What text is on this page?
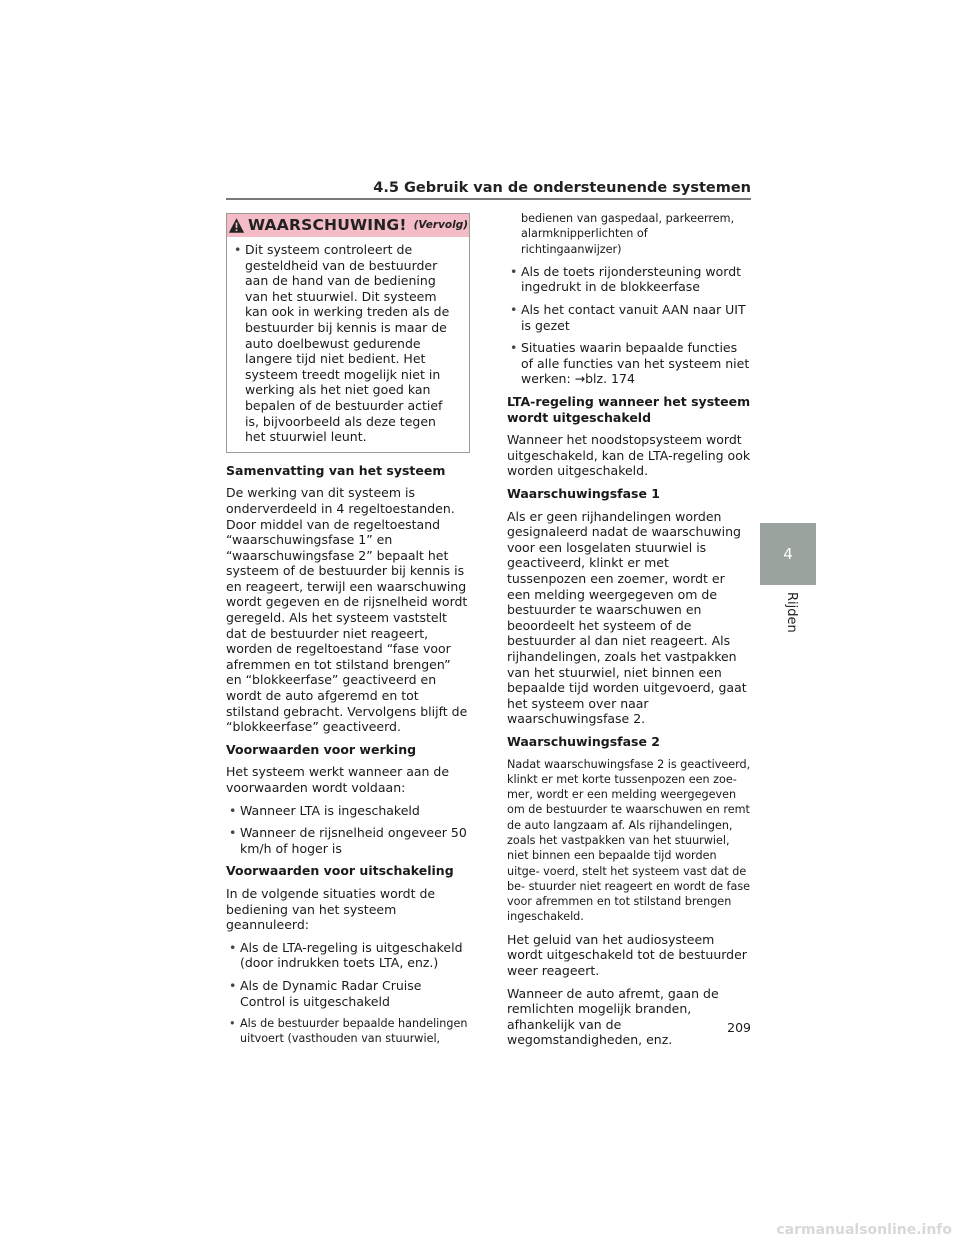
4.5 Gebruik van de ondersteunende systemen
4
Rijden
WAARSCHUWING! (Vervolg)
• Dit systeem controleert de gesteldheid van de bestuurder aan de hand van de bediening van het stuurwiel. Dit systeem kan ook in werking treden als de bestuurder bij kennis is maar de auto doelbewust gedurende langere tijd niet bedient. Het systeem treedt mogelijk niet in werking als het niet goed kan bepalen of de bestuurder actief is, bijvoorbeeld als deze tegen het stuurwiel leunt.
Samenvatting van het systeem

De werking van dit systeem is onderverdeeld in 4 regeltoestanden. Door middel van de regeltoestand “waarschuwingsfase 1” en “waarschuwingsfase 2” bepaalt het systeem of de bestuurder bij kennis is en reageert, terwijl een waarschuwing wordt gegeven en de rijsnelheid wordt geregeld. Als het systeem vaststelt dat de bestuurder niet reageert, worden de regeltoestand “fase voor afremmen en tot stilstand brengen” en “blokkeerfase” geactiveerd en wordt de auto afgeremd en tot stilstand gebracht. Vervolgens blijft de “blokkeerfase” geactiveerd.

Voorwaarden voor werking

Het systeem werkt wanneer aan de voorwaarden wordt voldaan:

• Wanneer LTA is ingeschakeld
• Wanneer de rijsnelheid ongeveer 50 km/h of hoger is
Voorwaarden voor uitschakeling

In de volgende situaties wordt de bediening van het systeem geannuleerd:

• Als de LTA-regeling is uitgeschakeld (door indrukken toets LTA, enz.)
• Als de Dynamic Radar Cruise Control is uitgeschakeld
• Als de bestuurder bepaalde handelingen uitvoert (vasthouden van stuurwiel,

bedienen van gaspedaal, parkeerrem, alarmknipperlichten of richtingaanwijzer)

• Als de toets rijondersteuning wordt ingedrukt in de blokkeerfase
• Als het contact vanuit AAN naar UIT is gezet
• Situaties waarin bepaalde functies of alle functies van het systeem niet werken: →blz. 174
LTA-regeling wanneer het systeem wordt uitgeschakeld

Wanneer het noodstopsysteem wordt uitgeschakeld, kan de LTA-regeling ook worden uitgeschakeld.

Waarschuwingsfase 1

Als er geen rijhandelingen worden gesignaleerd nadat de waarschuwing voor een losgelaten stuurwiel is geactiveerd, klinkt er met tussenpozen een zoemer, wordt er een melding weergegeven om de bestuurder te waarschuwen en beoordeelt het systeem of de bestuurder al dan niet reageert. Als rijhandelingen, zoals het vastpakken van het stuurwiel, niet binnen een bepaalde tijd worden uitgevoerd, gaat het systeem over naar waarschuwingsfase 2.

Waarschuwingsfase 2

Nadat waarschuwingsfase 2 is geactiveerd, klinkt er met korte tussenpozen een zoe- mer, wordt er een melding weergegeven om de bestuurder te waarschuwen en remt de auto langzaam af. Als rijhandelingen, zoals het vastpakken van het stuurwiel, niet binnen een bepaalde tijd worden uitge- voerd, stelt het systeem vast dat de be- stuurder niet reageert en wordt de fase voor afremmen en tot stilstand brengen ingeschakeld.

Het geluid van het audiosysteem wordt uitgeschakeld tot de bestuurder weer reageert.

Wanneer de auto afremt, gaan de remlichten mogelijk branden, afhankelijk van de wegomstandigheden, enz.

209
carmanualsonline.info
